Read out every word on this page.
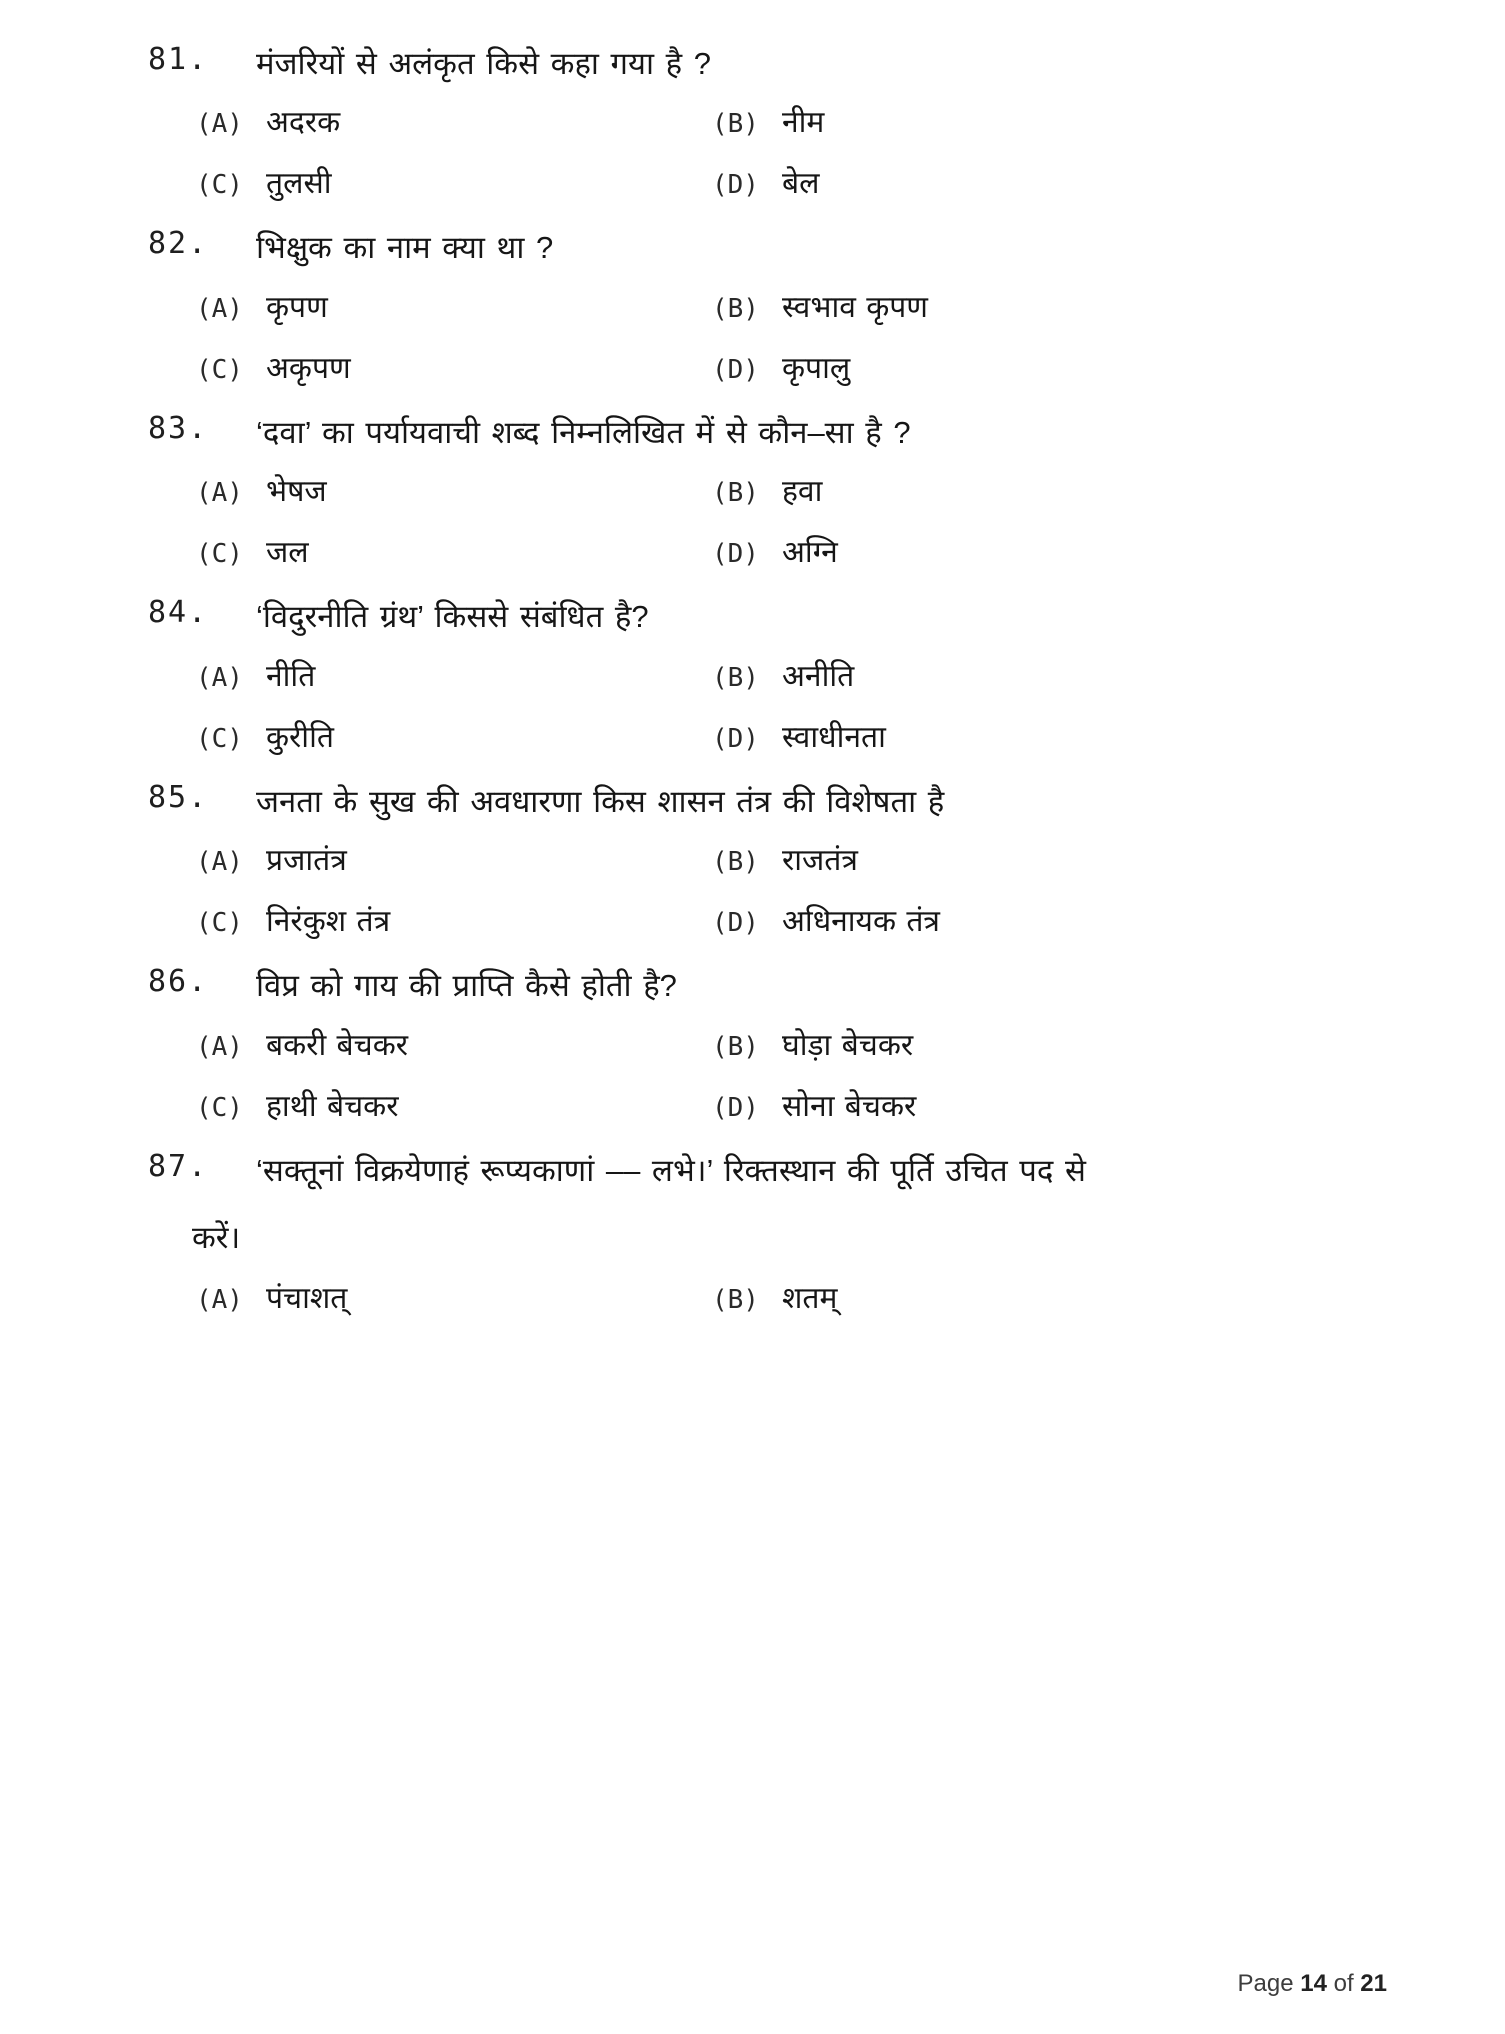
81.	मंजरियों से अलंकृत किसे कहा गया है ?
(A) अदरक	(B) नीम
(C) तुलसी	(D) बेल
82.	भिक्षुक का नाम क्या था ?
(A) कृपण	(B) स्वभाव कृपण
(C) अकृपण	(D) कृपालु
83.	‘दवा’ का पर्यायवाची शब्द निम्नलिखित में से कौन–सा है ?
(A) भेषज	(B) हवा
(C) जल	(D) अग्नि
84.	‘विदुरनीति ग्रंथ’ किससे संबंधित है?
(A) नीति	(B) अनीति
(C) कुरीति	(D) स्वाधीनता
85.	जनता के सुख की अवधारणा किस शासन तंत्र की विशेषता है
(A) प्रजातंत्र	(B) राजतंत्र
(C) निरंकुश तंत्र	(D) अधिनायक तंत्र
86.	विप्र को गाय की प्राप्ति कैसे होती है?
(A) बकरी बेचकर	(B) घोड़ा बेचकर
(C) हाथी बेचकर	(D) सोना बेचकर
87.	‘सक्तूनां विक्रयेणाहं रूप्यकाणां –– लभे।’ रिक्तस्थान की पूर्ति उचित पद से
करें।
(A) पंचाशत्	(B) शतम्
Page 14 of 21
